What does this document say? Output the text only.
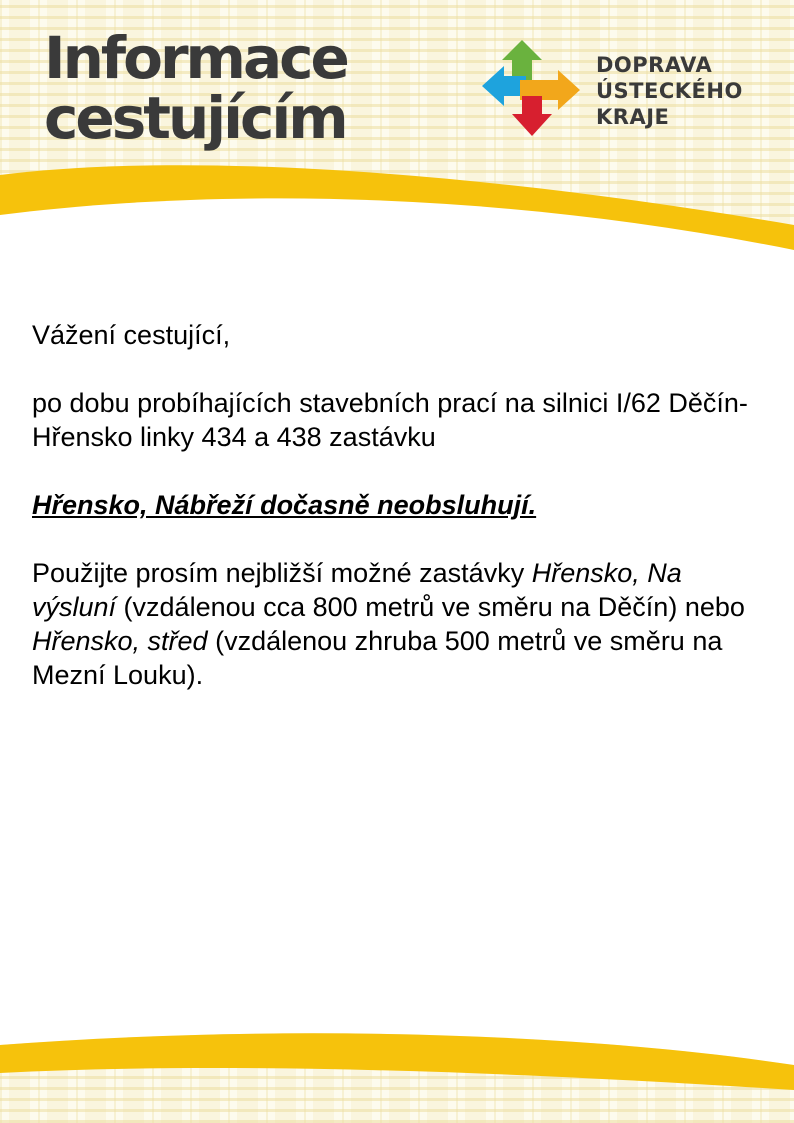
Informace
cestujícím

DOPRAVA
ÚSTECKÉHO
KRAJE

Vážení cestující,

po dobu probíhajících stavebních prací na silnici I/62 Děčín-Hřensko linky 434 a 438 zastávku

Hřensko, Nábřeží dočasně neobsluhují.

Použijte prosím nejbližší možné zastávky Hřensko, Na výsluní (vzdálenou cca 800 metrů ve směru na Děčín) nebo Hřensko, střed (vzdálenou zhruba 500 metrů ve směru na Mezní Louku).
